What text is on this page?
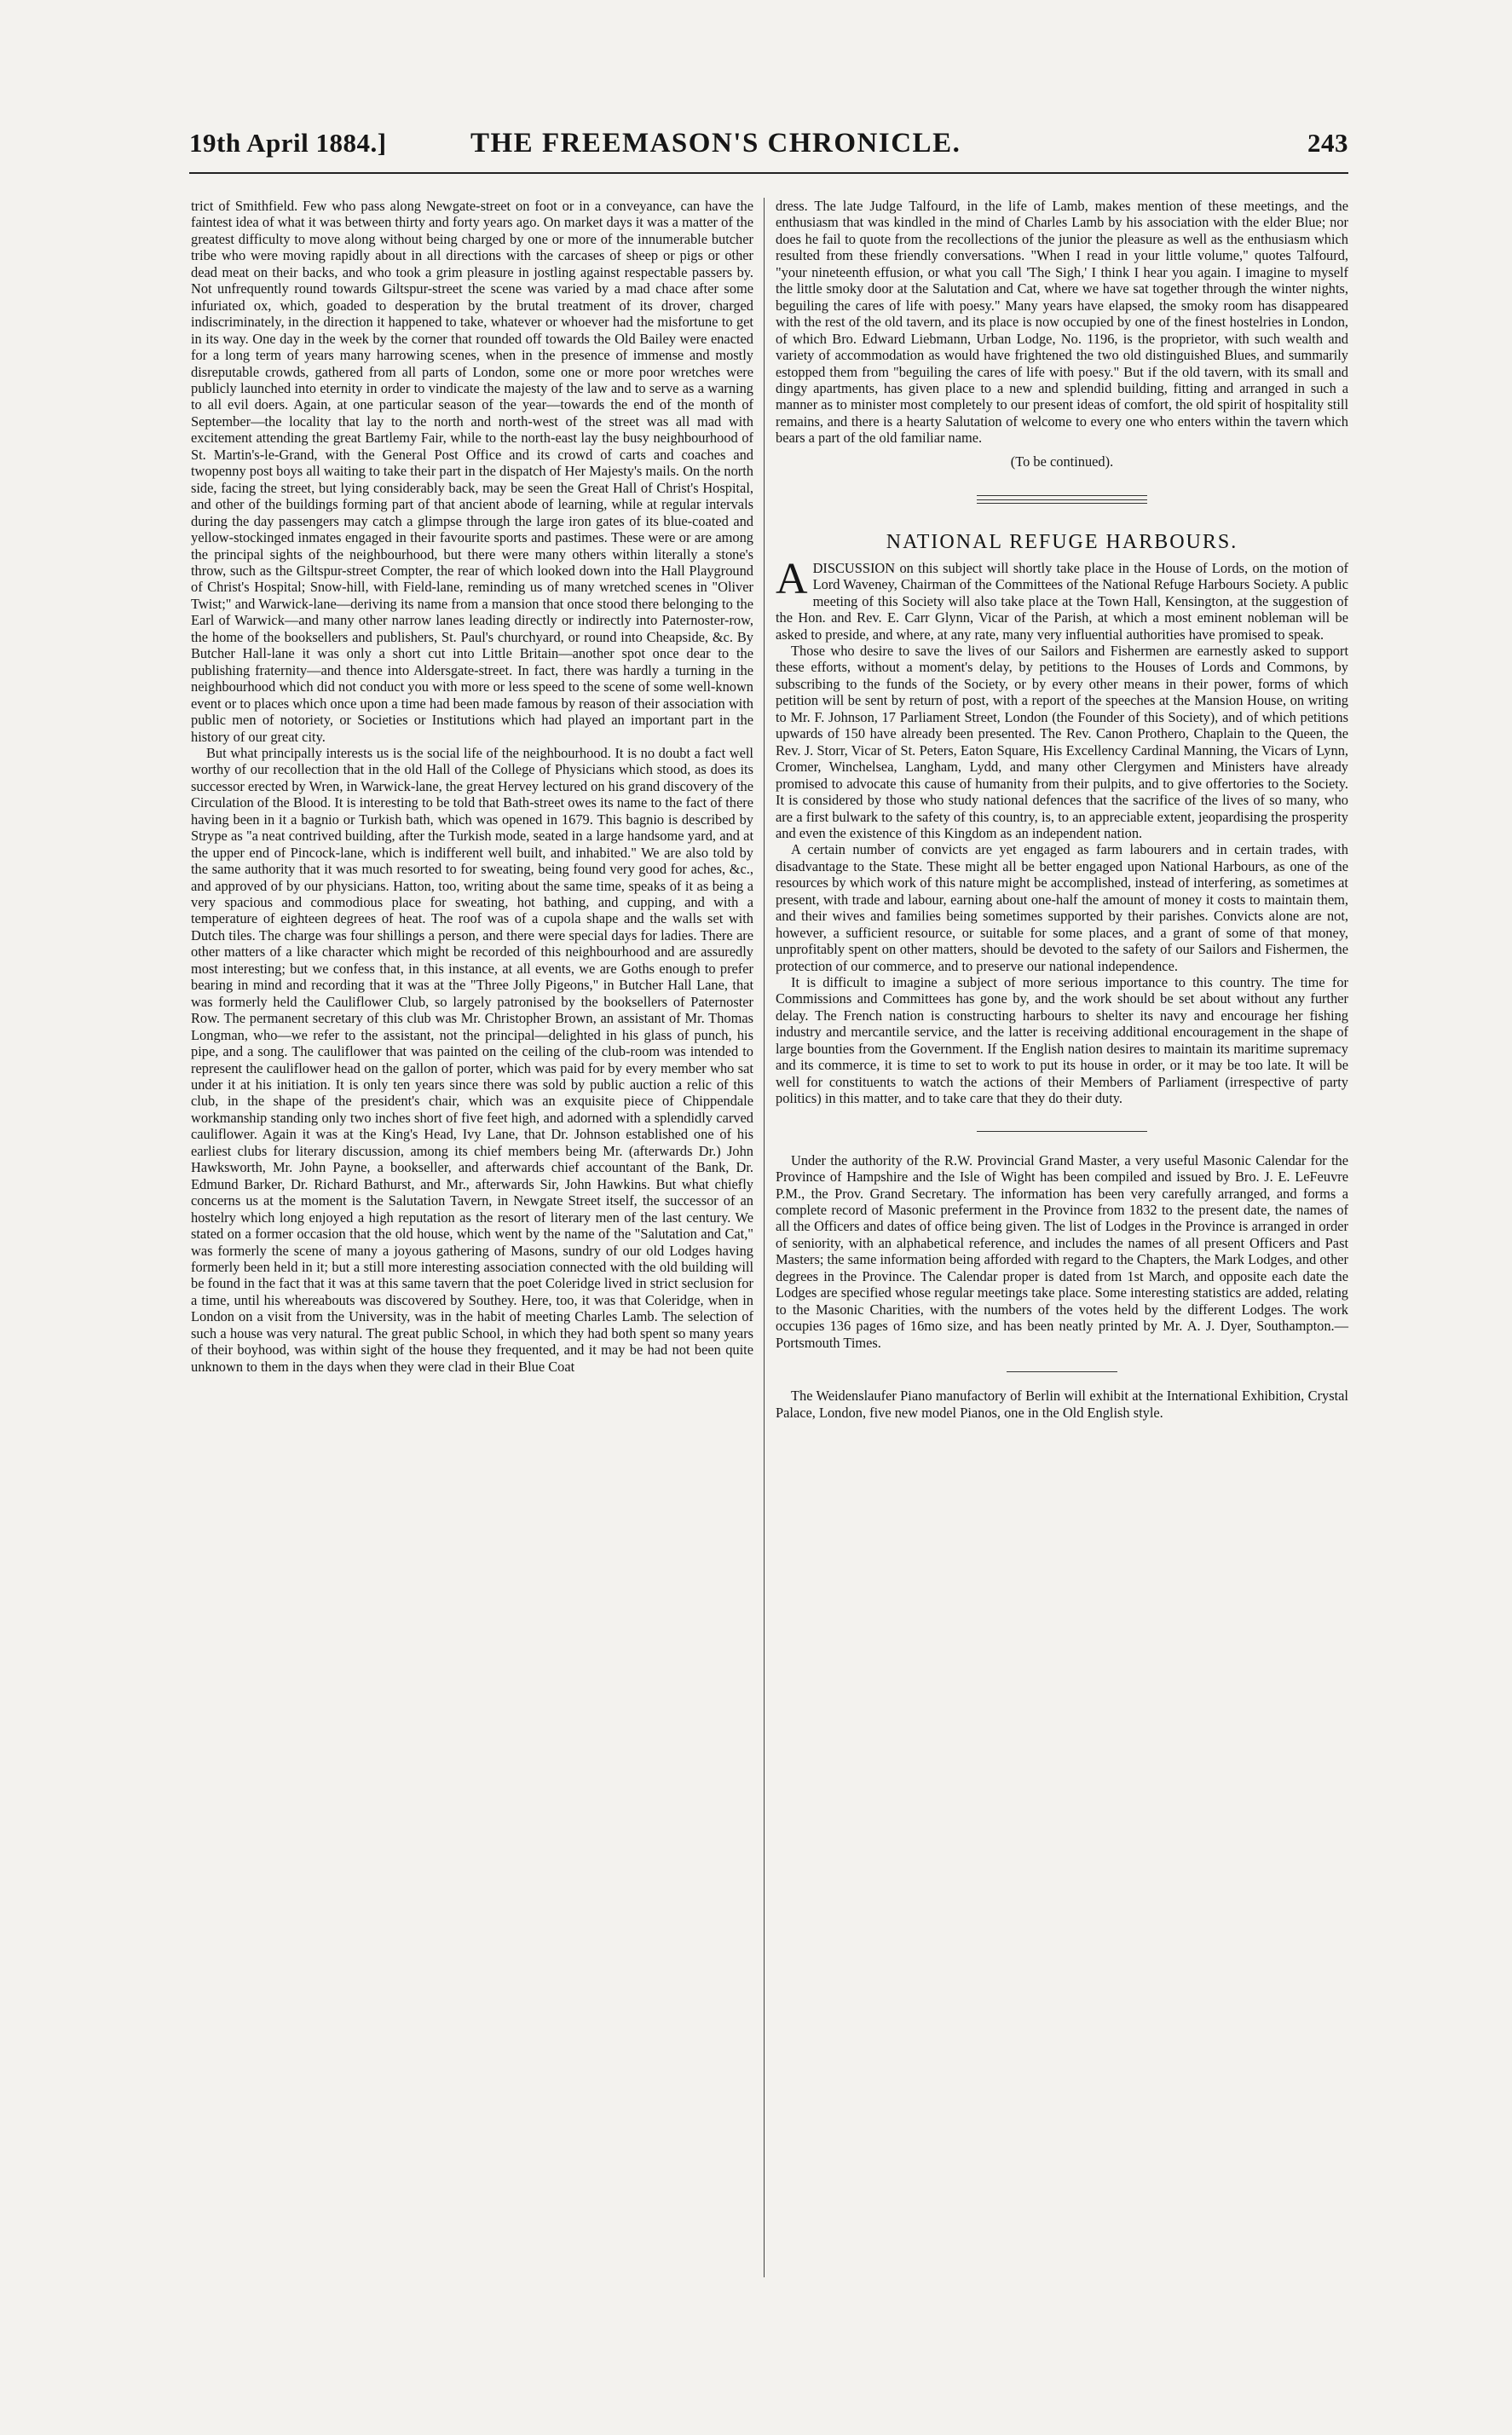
19th April 1884.]	THE FREEMASON'S CHRONICLE.	243

trict of Smithfield. Few who pass along Newgate-street on foot or in a conveyance, can have the faintest idea of what it was between thirty and forty years ago. On market days it was a matter of the greatest difficulty to move along without being charged by one or more of the innumerable butcher tribe who were moving rapidly about in all directions with the carcases of sheep or pigs or other dead meat on their backs, and who took a grim pleasure in jostling against respectable passers by. Not unfrequently round towards Giltspur-street the scene was varied by a mad chace after some infuriated ox, which, goaded to desperation by the brutal treatment of its drover, charged indiscriminately, in the direction it happened to take, whatever or whoever had the misfortune to get in its way. One day in the week by the corner that rounded off towards the Old Bailey were enacted for a long term of years many harrowing scenes, when in the presence of immense and mostly disreputable crowds, gathered from all parts of London, some one or more poor wretches were publicly launched into eternity in order to vindicate the majesty of the law and to serve as a warning to all evil doers. Again, at one particular season of the year—towards the end of the month of September—the locality that lay to the north and north-west of the street was all mad with excitement attending the great Bartlemy Fair, while to the north-east lay the busy neighbourhood of St. Martin's-le-Grand, with the General Post Office and its crowd of carts and coaches and twopenny post boys all waiting to take their part in the dispatch of Her Majesty's mails. On the north side, facing the street, but lying considerably back, may be seen the Great Hall of Christ's Hospital, and other of the buildings forming part of that ancient abode of learning, while at regular intervals during the day passengers may catch a glimpse through the large iron gates of its blue-coated and yellow-stockinged inmates engaged in their favourite sports and pastimes. These were or are among the principal sights of the neighbourhood, but there were many others within literally a stone's throw, such as the Giltspur-street Compter, the rear of which looked down into the Hall Playground of Christ's Hospital; Snow-hill, with Field-lane, reminding us of many wretched scenes in "Oliver Twist;" and Warwick-lane—deriving its name from a mansion that once stood there belonging to the Earl of Warwick—and many other narrow lanes leading directly or indirectly into Paternoster-row, the home of the booksellers and publishers, St. Paul's churchyard, or round into Cheapside, &c. By Butcher Hall-lane it was only a short cut into Little Britain—another spot once dear to the publishing fraternity—and thence into Aldersgate-street. In fact, there was hardly a turning in the neighbourhood which did not conduct you with more or less speed to the scene of some well-known event or to places which once upon a time had been made famous by reason of their association with public men of notoriety, or Societies or Institutions which had played an important part in the history of our great city.

But what principally interests us is the social life of the neighbourhood. It is no doubt a fact well worthy of our recollection that in the old Hall of the College of Physicians which stood, as does its successor erected by Wren, in Warwick-lane, the great Hervey lectured on his grand discovery of the Circulation of the Blood. It is interesting to be told that Bath-street owes its name to the fact of there having been in it a bagnio or Turkish bath, which was opened in 1679. This bagnio is described by Strype as "a neat contrived building, after the Turkish mode, seated in a large handsome yard, and at the upper end of Pincock-lane, which is indifferent well built, and inhabited." We are also told by the same authority that it was much resorted to for sweating, being found very good for aches, &c., and approved of by our physicians. Hatton, too, writing about the same time, speaks of it as being a very spacious and commodious place for sweating, hot bathing, and cupping, and with a temperature of eighteen degrees of heat. The roof was of a cupola shape and the walls set with Dutch tiles. The charge was four shillings a person, and there were special days for ladies. There are other matters of a like character which might be recorded of this neighbourhood and are assuredly most interesting; but we confess that, in this instance, at all events, we are Goths enough to prefer bearing in mind and recording that it was at the "Three Jolly Pigeons," in Butcher Hall Lane, that was formerly held the Cauliflower Club, so largely patronised by the booksellers of Paternoster Row. The permanent secretary of this club was Mr. Christopher Brown, an assistant of Mr. Thomas Longman, who—we refer to the assistant, not the principal—delighted in his glass of punch, his pipe, and a song. The cauliflower that was painted on the ceiling of the club-room was intended to represent the cauliflower head on the gallon of porter, which was paid for by every member who sat under it at his initiation. It is only ten years since there was sold by public auction a relic of this club, in the shape of the president's chair, which was an exquisite piece of Chippendale workmanship standing only two inches short of five feet high, and adorned with a splendidly carved cauliflower. Again it was at the King's Head, Ivy Lane, that Dr. Johnson established one of his earliest clubs for literary discussion, among its chief members being Mr. (afterwards Dr.) John Hawksworth, Mr. John Payne, a bookseller, and afterwards chief accountant of the Bank, Dr. Edmund Barker, Dr. Richard Bathurst, and Mr., afterwards Sir, John Hawkins. But what chiefly concerns us at the moment is the Salutation Tavern, in Newgate Street itself, the successor of an hostelry which long enjoyed a high reputation as the resort of literary men of the last century. We stated on a former occasion that the old house, which went by the name of the "Salutation and Cat," was formerly the scene of many a joyous gathering of Masons, sundry of our old Lodges having formerly been held in it; but a still more interesting association connected with the old building will be found in the fact that it was at this same tavern that the poet Coleridge lived in strict seclusion for a time, until his whereabouts was discovered by Southey. Here, too, it was that Coleridge, when in London on a visit from the University, was in the habit of meeting Charles Lamb. The selection of such a house was very natural. The great public School, in which they had both spent so many years of their boyhood, was within sight of the house they frequented, and it may be had not been quite unknown to them in the days when they were clad in their Blue Coat

dress. The late Judge Talfourd, in the life of Lamb, makes mention of these meetings, and the enthusiasm that was kindled in the mind of Charles Lamb by his association with the elder Blue; nor does he fail to quote from the recollections of the junior the pleasure as well as the enthusiasm which resulted from these friendly conversations. "When I read in your little volume," quotes Talfourd, "your nineteenth effusion, or what you call 'The Sigh,' I think I hear you again. I imagine to myself the little smoky door at the Salutation and Cat, where we have sat together through the winter nights, beguiling the cares of life with poesy." Many years have elapsed, the smoky room has disappeared with the rest of the old tavern, and its place is now occupied by one of the finest hostelries in London, of which Bro. Edward Liebmann, Urban Lodge, No. 1196, is the proprietor, with such wealth and variety of accommodation as would have frightened the two old distinguished Blues, and summarily estopped them from "beguiling the cares of life with poesy." But if the old tavern, with its small and dingy apartments, has given place to a new and splendid building, fitting and arranged in such a manner as to minister most completely to our present ideas of comfort, the old spirit of hospitality still remains, and there is a hearty Salutation of welcome to every one who enters within the tavern which bears a part of the old familiar name.

(To be continued).

NATIONAL REFUGE HARBOURS.

ADISCUSSION on this subject will shortly take place in the House of Lords, on the motion of Lord Waveney, Chairman of the Committees of the National Refuge Harbours Society. A public meeting of this Society will also take place at the Town Hall, Kensington, at the suggestion of the Hon. and Rev. E. Carr Glynn, Vicar of the Parish, at which a most eminent nobleman will be asked to preside, and where, at any rate, many very influential authorities have promised to speak.

Those who desire to save the lives of our Sailors and Fishermen are earnestly asked to support these efforts, without a moment's delay, by petitions to the Houses of Lords and Commons, by subscribing to the funds of the Society, or by every other means in their power, forms of which petition will be sent by return of post, with a report of the speeches at the Mansion House, on writing to Mr. F. Johnson, 17 Parliament Street, London (the Founder of this Society), and of which petitions upwards of 150 have already been presented. The Rev. Canon Prothero, Chaplain to the Queen, the Rev. J. Storr, Vicar of St. Peters, Eaton Square, His Excellency Cardinal Manning, the Vicars of Lynn, Cromer, Winchelsea, Langham, Lydd, and many other Clergymen and Ministers have already promised to advocate this cause of humanity from their pulpits, and to give offertories to the Society. It is considered by those who study national defences that the sacrifice of the lives of so many, who are a first bulwark to the safety of this country, is, to an appreciable extent, jeopardising the prosperity and even the existence of this Kingdom as an independent nation.

A certain number of convicts are yet engaged as farm labourers and in certain trades, with disadvantage to the State. These might all be better engaged upon National Harbours, as one of the resources by which work of this nature might be accomplished, instead of interfering, as sometimes at present, with trade and labour, earning about one-half the amount of money it costs to maintain them, and their wives and families being sometimes supported by their parishes. Convicts alone are not, however, a sufficient resource, or suitable for some places, and a grant of some of that money, unprofitably spent on other matters, should be devoted to the safety of our Sailors and Fishermen, the protection of our commerce, and to preserve our national independence.

It is difficult to imagine a subject of more serious importance to this country. The time for Commissions and Committees has gone by, and the work should be set about without any further delay. The French nation is constructing harbours to shelter its navy and encourage her fishing industry and mercantile service, and the latter is receiving additional encouragement in the shape of large bounties from the Government. If the English nation desires to maintain its maritime supremacy and its commerce, it is time to set to work to put its house in order, or it may be too late. It will be well for constituents to watch the actions of their Members of Parliament (irrespective of party politics) in this matter, and to take care that they do their duty.

Under the authority of the R.W. Provincial Grand Master, a very useful Masonic Calendar for the Province of Hampshire and the Isle of Wight has been compiled and issued by Bro. J. E. LeFeuvre P.M., the Prov. Grand Secretary. The information has been very carefully arranged, and forms a complete record of Masonic preferment in the Province from 1832 to the present date, the names of all the Officers and dates of office being given. The list of Lodges in the Province is arranged in order of seniority, with an alphabetical reference, and includes the names of all present Officers and Past Masters; the same information being afforded with regard to the Chapters, the Mark Lodges, and other degrees in the Province. The Calendar proper is dated from 1st March, and opposite each date the Lodges are specified whose regular meetings take place. Some interesting statistics are added, relating to the Masonic Charities, with the numbers of the votes held by the different Lodges. The work occupies 136 pages of 16mo size, and has been neatly printed by Mr. A. J. Dyer, Southampton.—Portsmouth Times.

The Weidenslaufer Piano manufactory of Berlin will exhibit at the International Exhibition, Crystal Palace, London, five new model Pianos, one in the Old English style.
